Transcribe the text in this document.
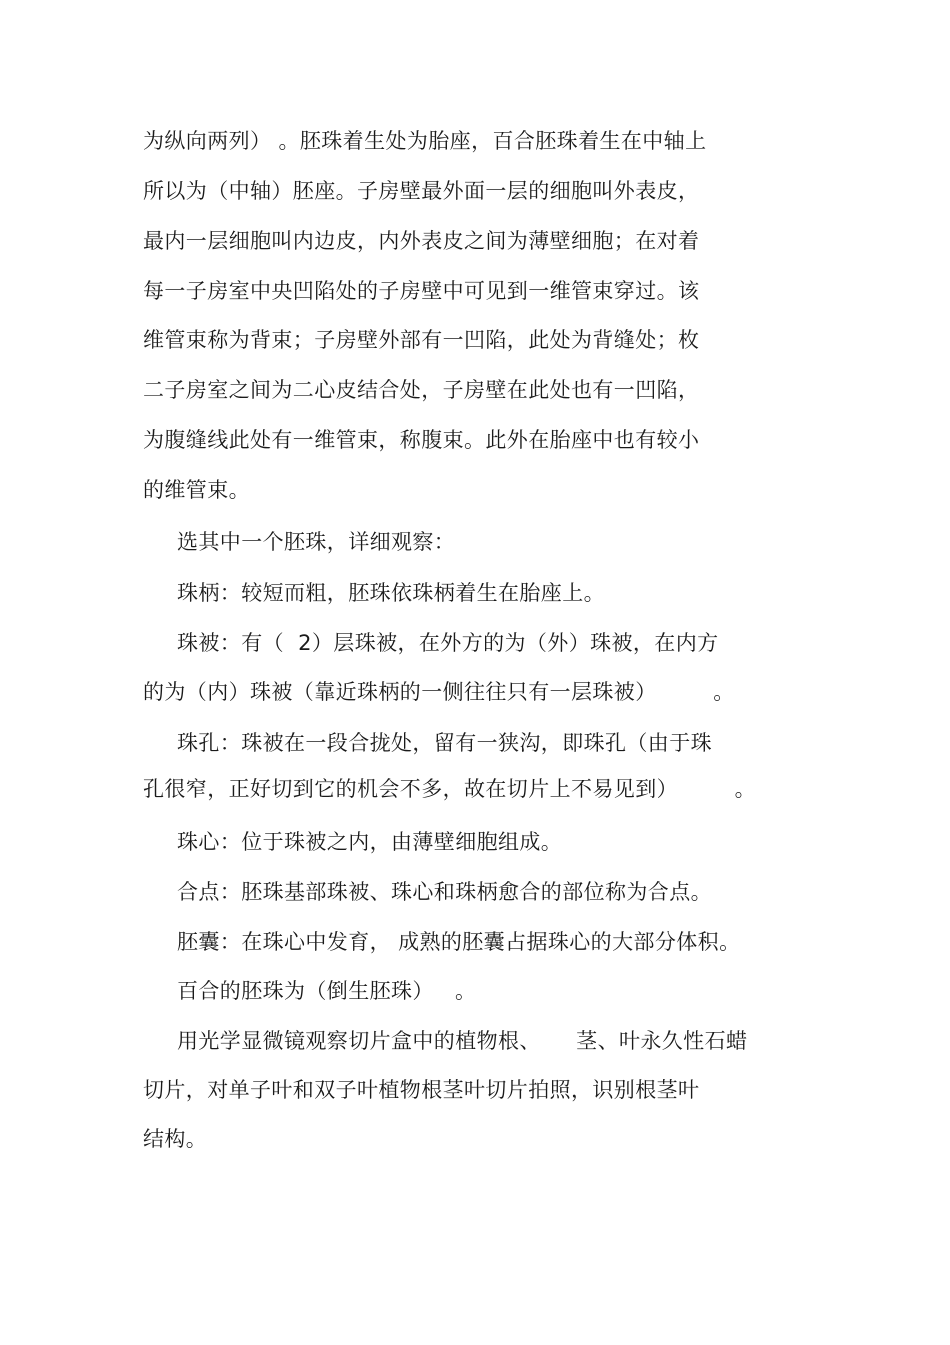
为纵向两列） 。胚珠着生处为胎座，百合胚珠着生在中轴上
所以为（中轴）胚座。子房壁最外面一层的细胞叫外表皮，
最内一层细胞叫内边皮，内外表皮之间为薄壁细胞；在对着
每一子房室中央凹陷处的子房壁中可见到一维管束穿过。该
维管束称为背束；子房壁外部有一凹陷，此处为背缝处；枚
二子房室之间为二心皮结合处，子房壁在此处也有一凹陷，
为腹缝线此处有一维管束，称腹束。此外在胎座中也有较小
的维管束。
选其中一个胚珠，详细观察：
珠柄：较短而粗，胚珠依珠柄着生在胎座上。
珠被：有（  2）层珠被，在外方的为（外）珠被，在内方
的为（内）珠被（靠近珠柄的一侧往往只有一层珠被）        。
珠孔：珠被在一段合拢处，留有一狭沟，即珠孔（由于珠
孔很窄，正好切到它的机会不多，故在切片上不易见到）        。
珠心：位于珠被之内，由薄壁细胞组成。
合点：胚珠基部珠被、珠心和珠柄愈合的部位称为合点。
胚囊：在珠心中发育， 成熟的胚囊占据珠心的大部分体积。
百合的胚珠为（倒生胚珠）   。
用光学显微镜观察切片盒中的植物根、     茎、叶永久性石蜡
切片，对单子叶和双子叶植物根茎叶切片拍照，识别根茎叶
结构。
